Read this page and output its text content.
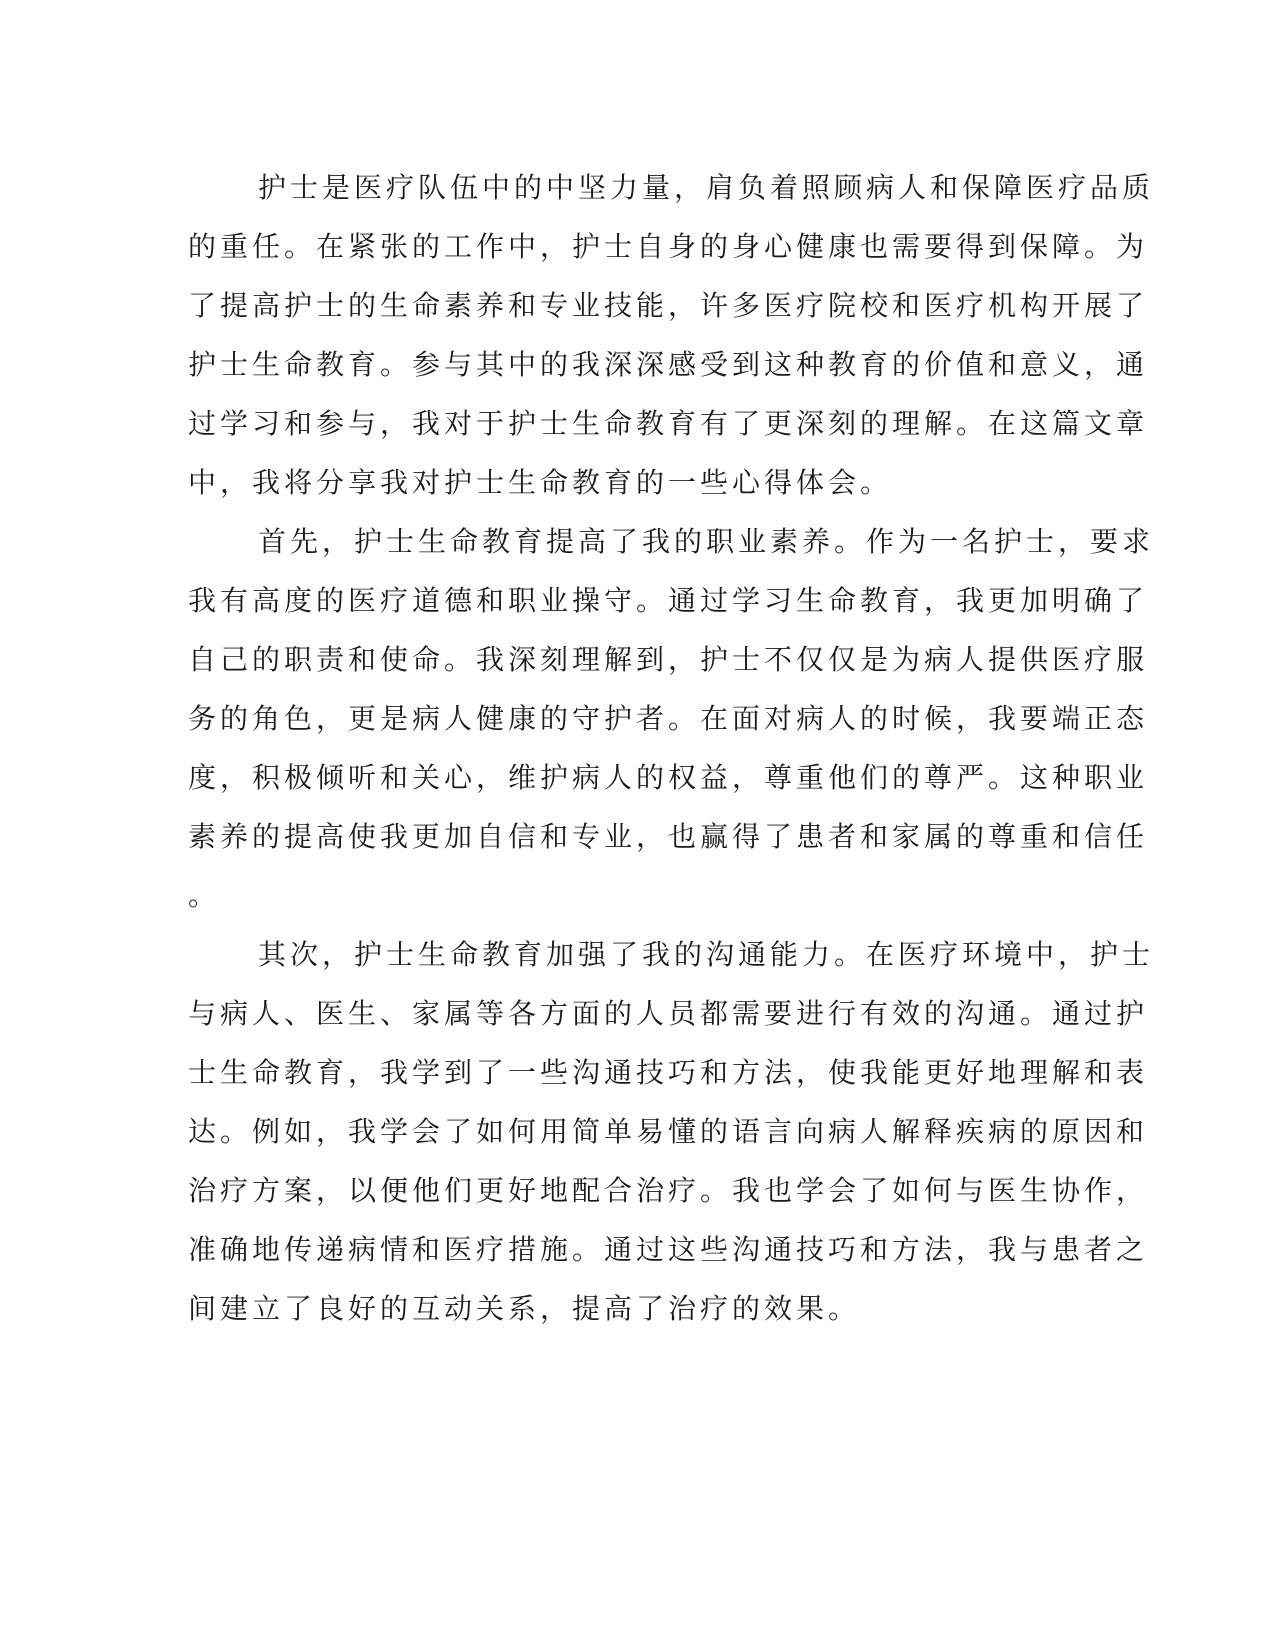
护士是医疗队伍中的中坚力量，肩负着照顾病人和保障医疗品质
的重任。在紧张的工作中，护士自身的身心健康也需要得到保障。为
了提高护士的生命素养和专业技能，许多医疗院校和医疗机构开展了
护士生命教育。参与其中的我深深感受到这种教育的价值和意义，通
过学习和参与，我对于护士生命教育有了更深刻的理解。在这篇文章
中，我将分享我对护士生命教育的一些心得体会。
首先，护士生命教育提高了我的职业素养。作为一名护士，要求
我有高度的医疗道德和职业操守。通过学习生命教育，我更加明确了
自己的职责和使命。我深刻理解到，护士不仅仅是为病人提供医疗服
务的角色，更是病人健康的守护者。在面对病人的时候，我要端正态
度，积极倾听和关心，维护病人的权益，尊重他们的尊严。这种职业
素养的提高使我更加自信和专业，也赢得了患者和家属的尊重和信任
。
其次，护士生命教育加强了我的沟通能力。在医疗环境中，护士
与病人、医生、家属等各方面的人员都需要进行有效的沟通。通过护
士生命教育，我学到了一些沟通技巧和方法，使我能更好地理解和表
达。例如，我学会了如何用简单易懂的语言向病人解释疾病的原因和
治疗方案，以便他们更好地配合治疗。我也学会了如何与医生协作，
准确地传递病情和医疗措施。通过这些沟通技巧和方法，我与患者之
间建立了良好的互动关系，提高了治疗的效果。
